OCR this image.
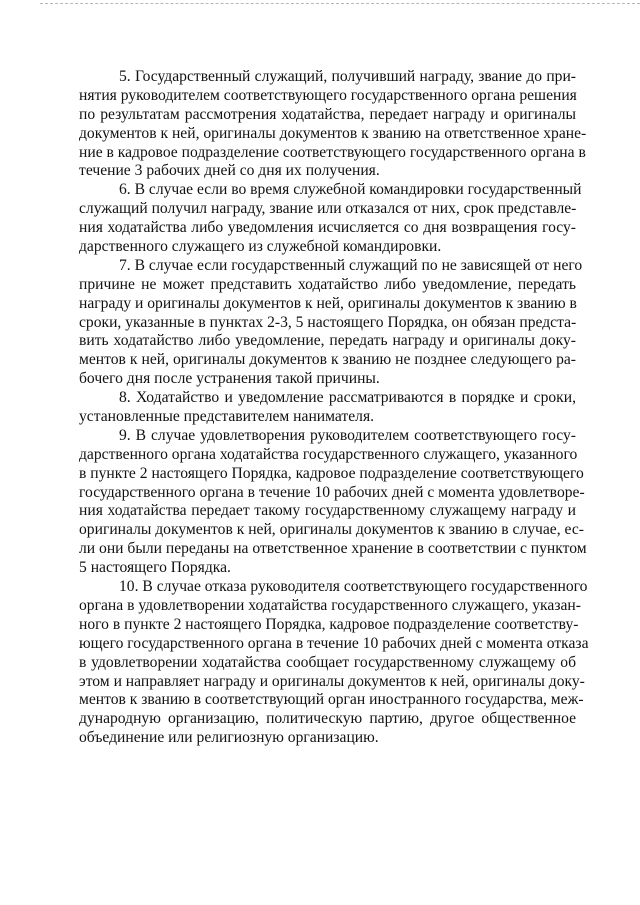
5. Государственный служащий, получивший награду, звание до при-
нятия руководителем соответствующего государственного органа решения
по результатам рассмотрения ходатайства, передает награду и оригиналы
документов к ней, оригиналы документов к званию на ответственное хране-
ние в кадровое подразделение соответствующего государственного органа в
течение 3 рабочих дней со дня их получения.
6. В случае если во время служебной командировки государственный
служащий получил награду, звание или отказался от них, срок представле-
ния ходатайства либо уведомления исчисляется со дня возвращения госу-
дарственного служащего из служебной командировки.
7. В случае если государственный служащий по не зависящей от него
причине не может представить ходатайство либо уведомление, передать
награду и оригиналы документов к ней, оригиналы документов к званию в
сроки, указанные в пунктах 2-3, 5 настоящего Порядка, он обязан предста-
вить ходатайство либо уведомление, передать награду и оригиналы доку-
ментов к ней, оригиналы документов к званию не позднее следующего ра-
бочего дня после устранения такой причины.
8. Ходатайство и уведомление рассматриваются в порядке и сроки,
установленные представителем нанимателя.
9. В случае удовлетворения руководителем соответствующего госу-
дарственного органа ходатайства государственного служащего, указанного
в пункте 2 настоящего Порядка, кадровое подразделение соответствующего
государственного органа в течение 10 рабочих дней с момента удовлетворе-
ния ходатайства передает такому государственному служащему награду и
оригиналы документов к ней, оригиналы документов к званию в случае, ес-
ли они были переданы на ответственное хранение в соответствии с пунктом
5 настоящего Порядка.
10. В случае отказа руководителя соответствующего государственного
органа в удовлетворении ходатайства государственного служащего, указан-
ного в пункте 2 настоящего Порядка, кадровое подразделение соответству-
ющего государственного органа в течение 10 рабочих дней с момента отказа
в удовлетворении ходатайства сообщает государственному служащему об
этом и направляет награду и оригиналы документов к ней, оригиналы доку-
ментов к званию в соответствующий орган иностранного государства, меж-
дународную организацию, политическую партию, другое общественное
объединение или религиозную организацию.
